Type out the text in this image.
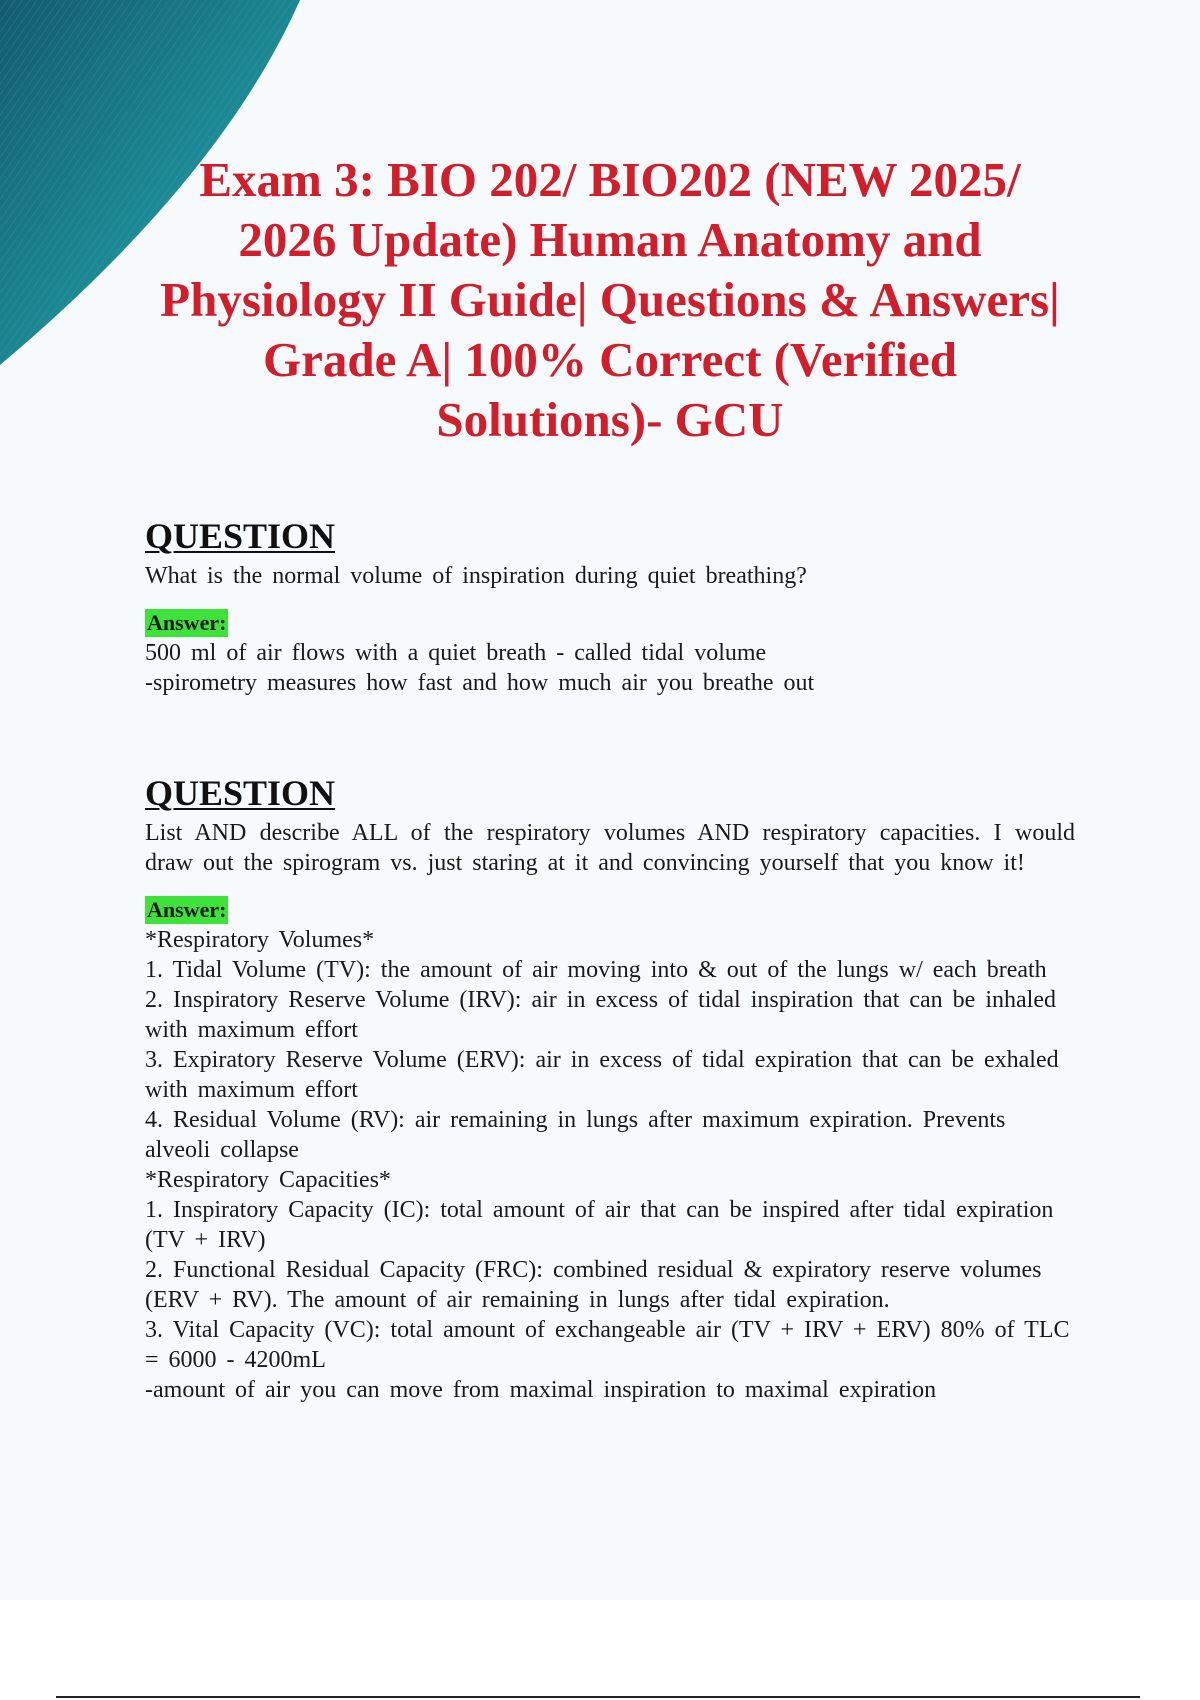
Exam 3: BIO 202/ BIO202 (NEW 2025/ 2026 Update) Human Anatomy and Physiology II Guide| Questions & Answers| Grade A| 100% Correct (Verified Solutions)- GCU
QUESTION

What is the normal volume of inspiration during quiet breathing?

Answer:

500 ml of air flows with a quiet breath - called tidal volume

-spirometry measures how fast and how much air you breathe out

QUESTION

List AND describe ALL of the respiratory volumes AND respiratory capacities. I would draw out the spirogram vs. just staring at it and convincing yourself that you know it!

Answer:

*Respiratory Volumes*

1. Tidal Volume (TV): the amount of air moving into & out of the lungs w/ each breath

2. Inspiratory Reserve Volume (IRV): air in excess of tidal inspiration that can be inhaled with maximum effort

3. Expiratory Reserve Volume (ERV): air in excess of tidal expiration that can be exhaled with maximum effort

4. Residual Volume (RV): air remaining in lungs after maximum expiration. Prevents alveoli collapse

*Respiratory Capacities*

1. Inspiratory Capacity (IC): total amount of air that can be inspired after tidal expiration (TV + IRV)

2. Functional Residual Capacity (FRC): combined residual & expiratory reserve volumes (ERV + RV). The amount of air remaining in lungs after tidal expiration.

3. Vital Capacity (VC): total amount of exchangeable air (TV + IRV + ERV) 80% of TLC = 6000 - 4200mL

-amount of air you can move from maximal inspiration to maximal expiration
